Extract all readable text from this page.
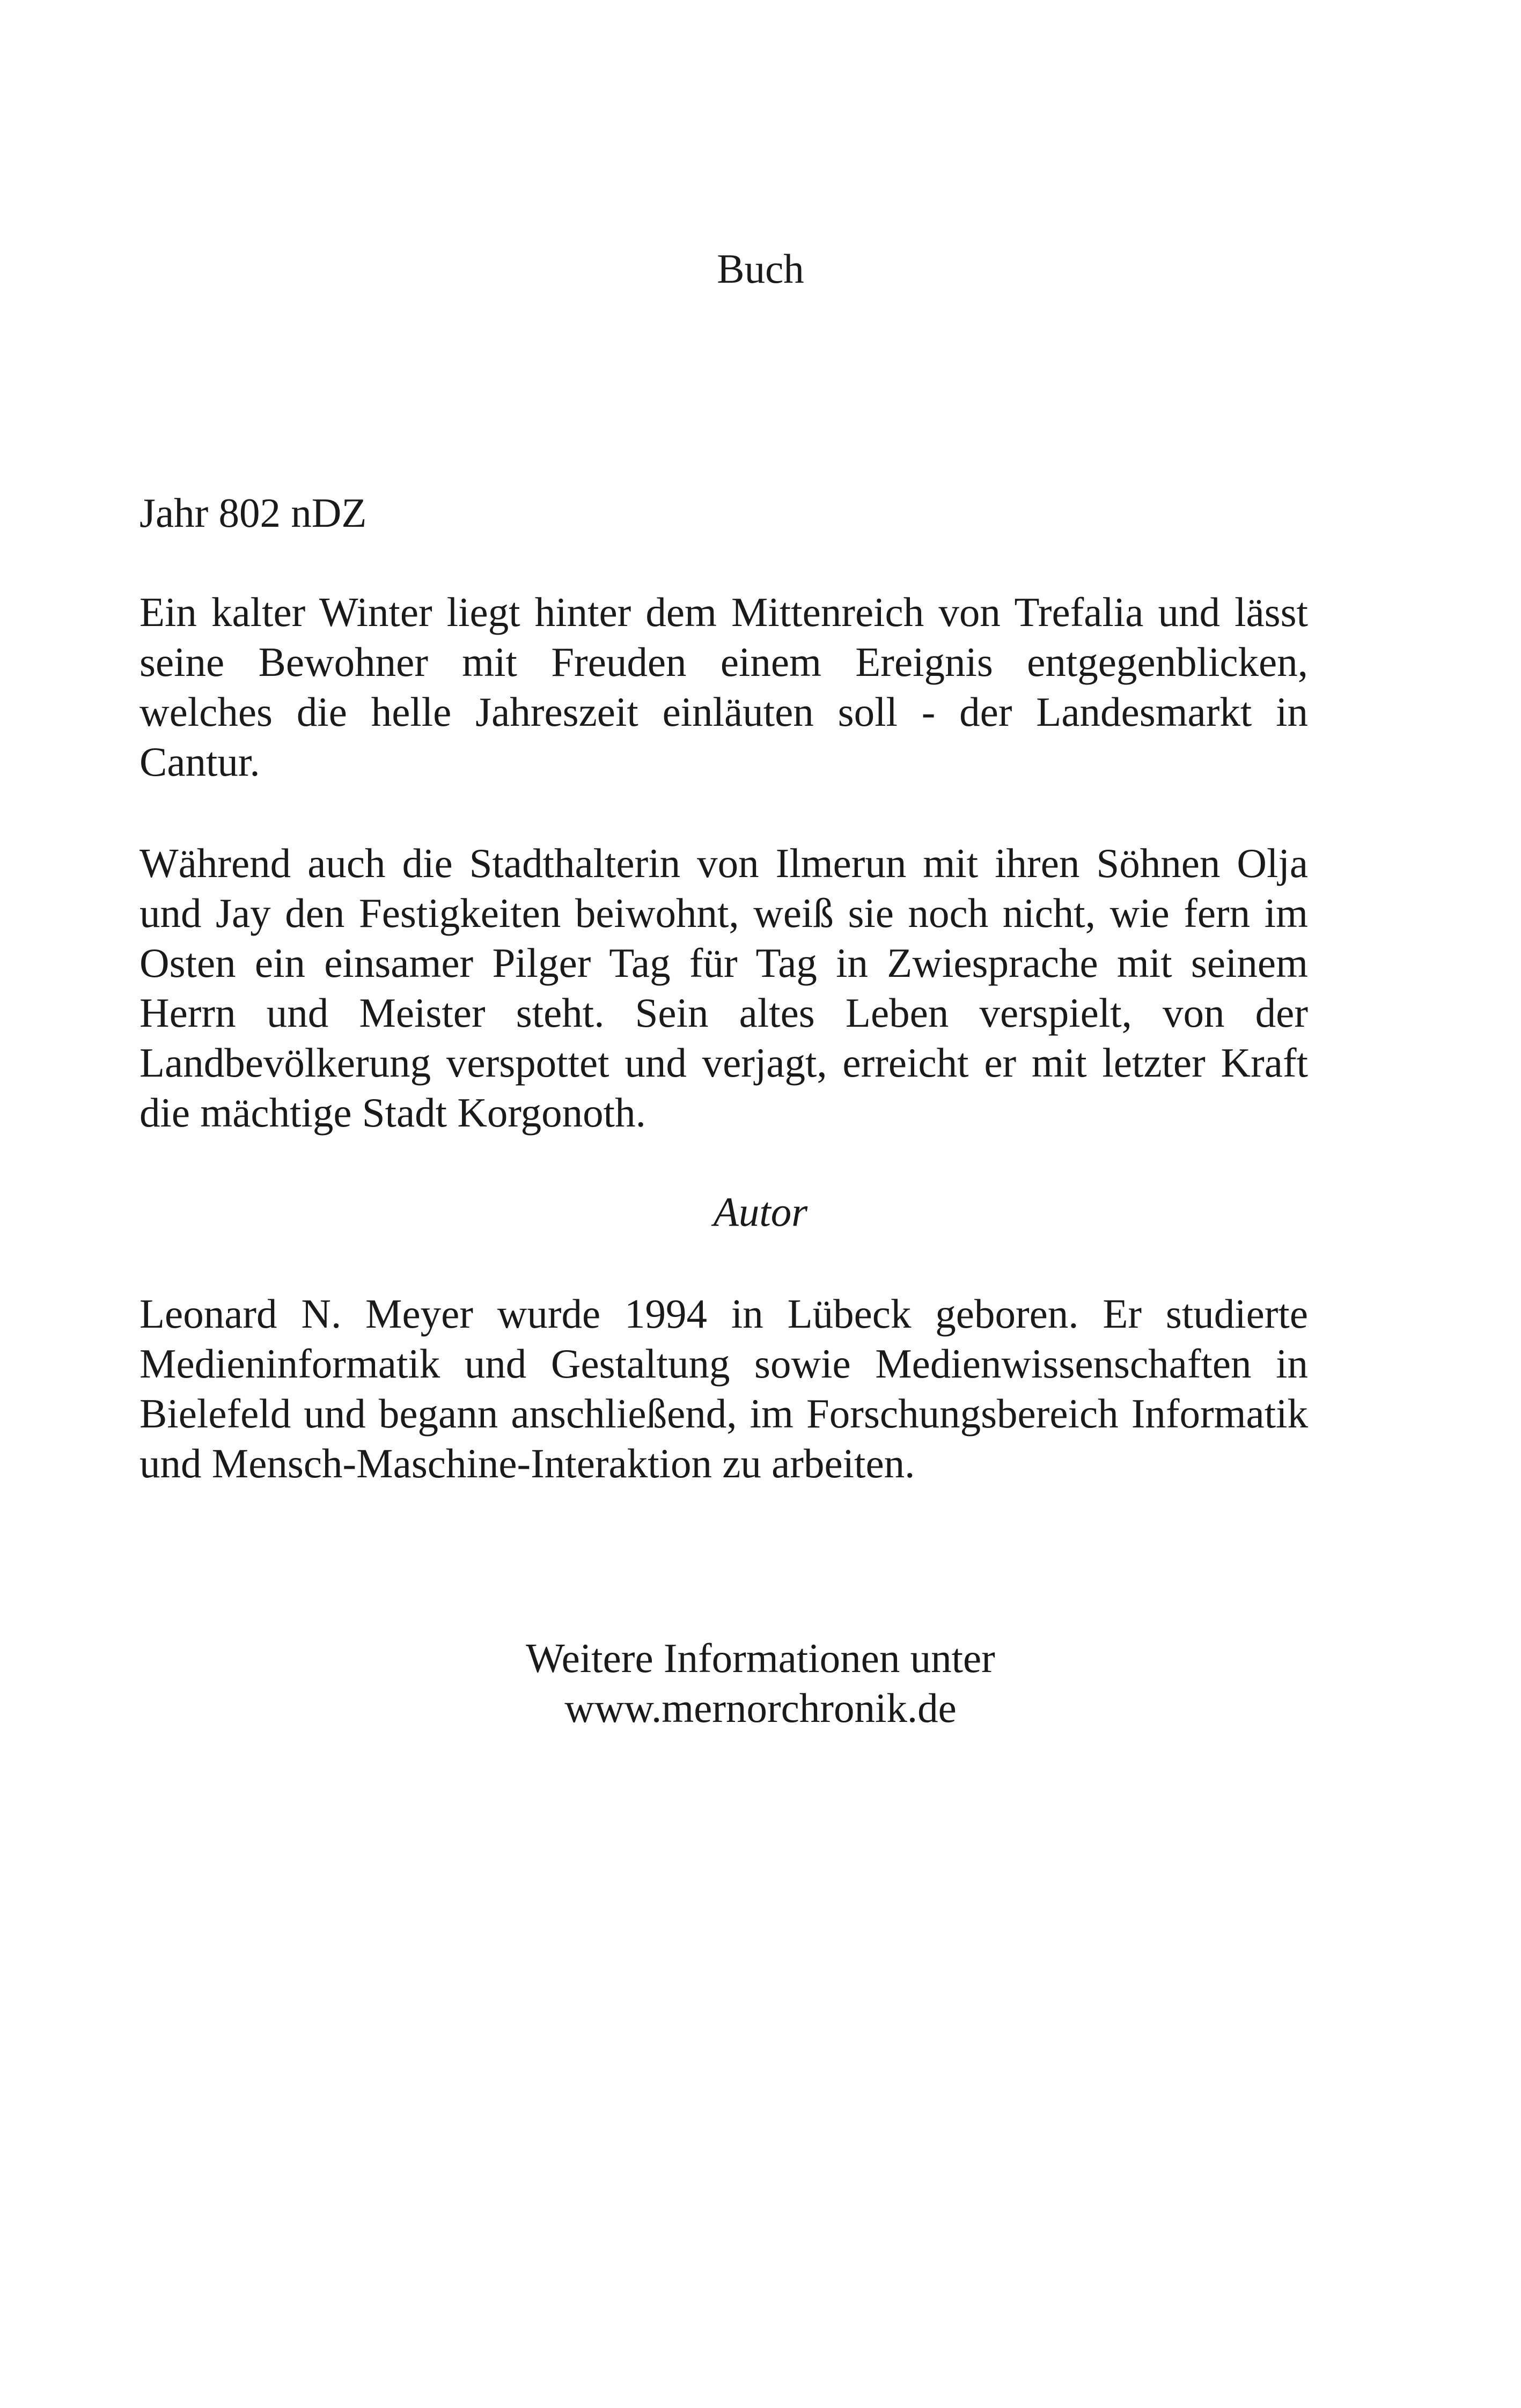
Buch
Jahr 802 nDZ

Ein kalter Winter liegt hinter dem Mittenreich von Trefalia und lässt seine Bewohner mit Freuden einem Ereignis entgegenblicken, welches die helle Jahreszeit einläuten soll - der Landesmarkt in Cantur.

Während auch die Stadthalterin von Ilmerun mit ihren Söhnen Olja und Jay den Festigkeiten beiwohnt, weiß sie noch nicht, wie fern im Osten ein einsamer Pilger Tag für Tag in Zwiesprache mit seinem Herrn und Meister steht. Sein altes Leben verspielt, von der Landbevölkerung verspottet und verjagt, erreicht er mit letzter Kraft die mächtige Stadt Korgonoth.

Autor

Leonard N. Meyer wurde 1994 in Lübeck geboren. Er studierte Medieninformatik und Gestaltung sowie Medienwissenschaften in Bielefeld und begann anschließend, im Forschungsbereich Informatik und Mensch-Maschine-Interaktion zu arbeiten.

Weitere Informationen unter
www.mernorchronik.de
